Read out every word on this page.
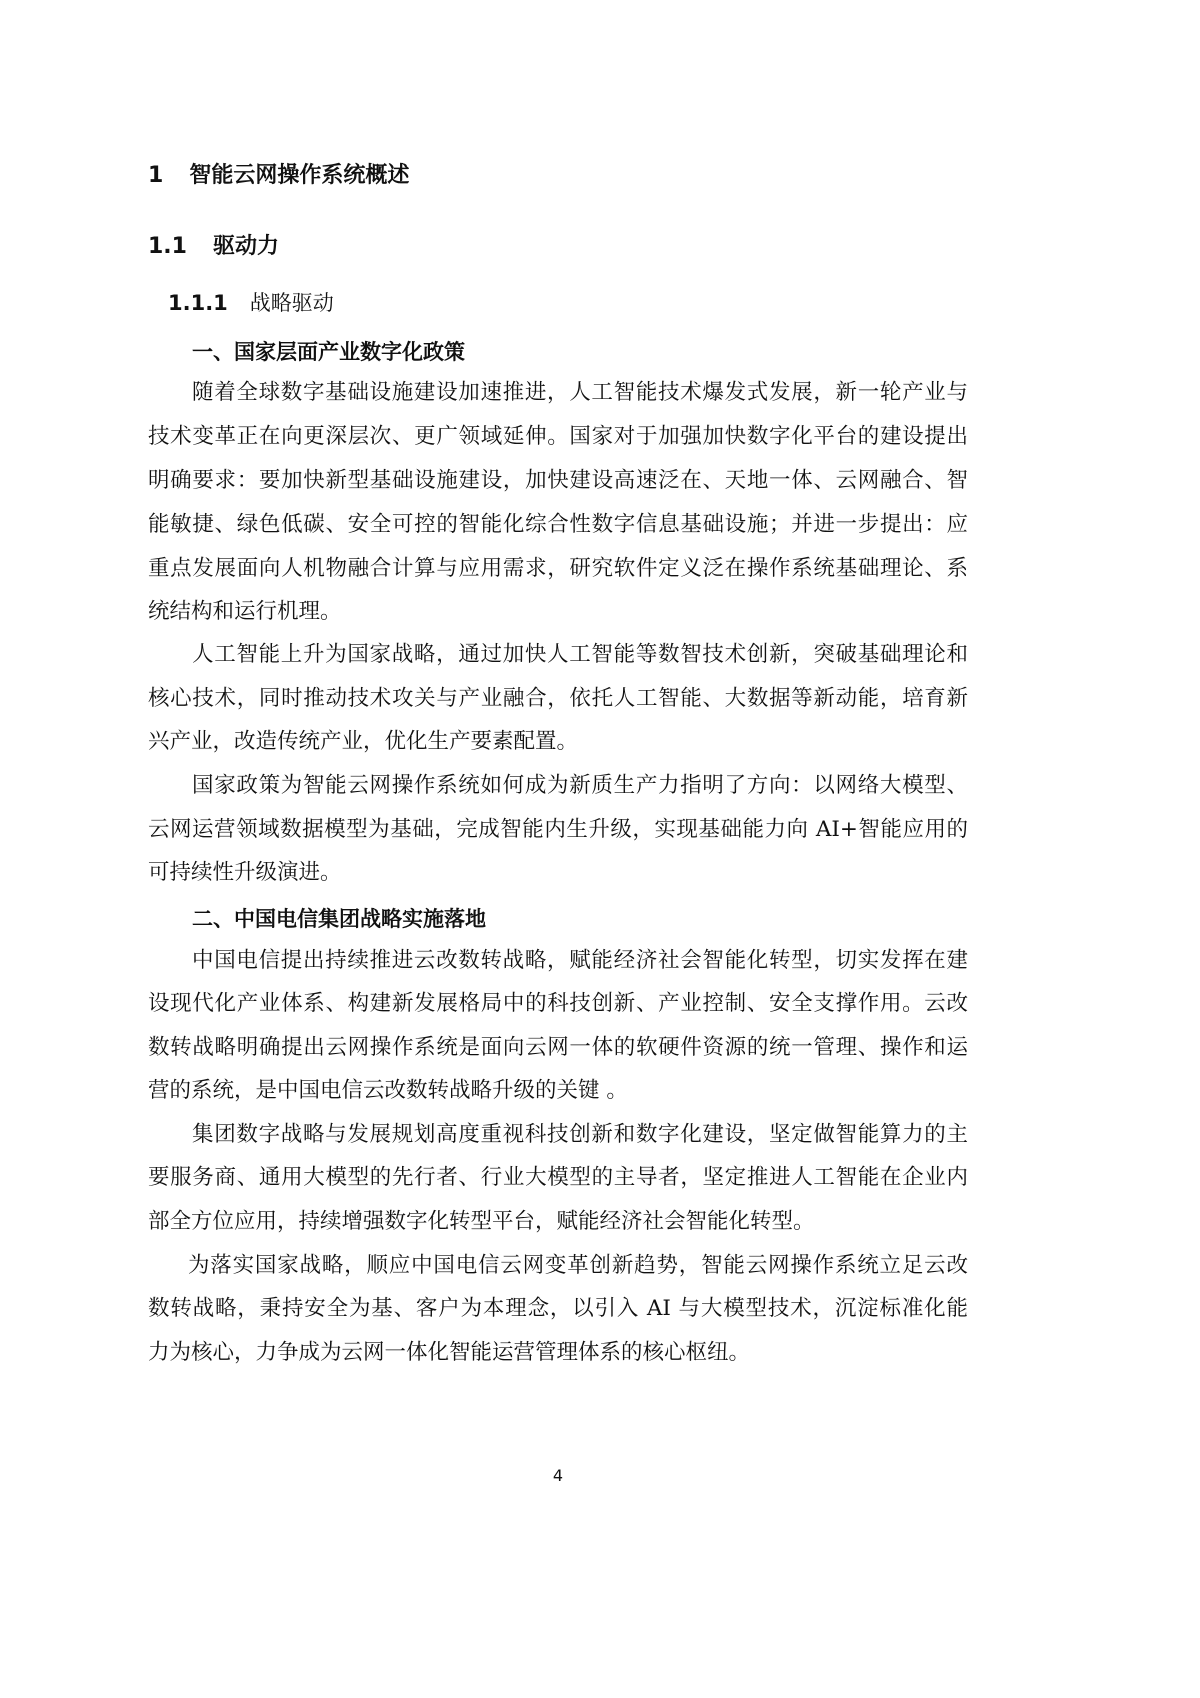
1 智能云网操作系统概述
1.1 驱动力
1.1.1 战略驱动
一、国家层面产业数字化政策
随着全球数字基础设施建设加速推进，人工智能技术爆发式发展，新一轮产业与
技术变革正在向更深层次、更广领域延伸。国家对于加强加快数字化平台的建设提出
明确要求：要加快新型基础设施建设，加快建设高速泛在、天地一体、云网融合、智
能敏捷、绿色低碳、安全可控的智能化综合性数字信息基础设施；并进一步提出：应
重点发展面向人机物融合计算与应用需求，研究软件定义泛在操作系统基础理论、系
统结构和运行机理。
人工智能上升为国家战略，通过加快人工智能等数智技术创新，突破基础理论和
核心技术，同时推动技术攻关与产业融合，依托人工智能、大数据等新动能，培育新
兴产业，改造传统产业，优化生产要素配置。
国家政策为智能云网操作系统如何成为新质生产力指明了方向：以网络大模型、
云网运营领域数据模型为基础，完成智能内生升级，实现基础能力向 AI+智能应用的
可持续性升级演进。
二、中国电信集团战略实施落地
中国电信提出持续推进云改数转战略，赋能经济社会智能化转型，切实发挥在建
设现代化产业体系、构建新发展格局中的科技创新、产业控制、安全支撑作用。云改
数转战略明确提出云网操作系统是面向云网一体的软硬件资源的统一管理、操作和运
营的系统，是中国电信云改数转战略升级的关键 。
集团数字战略与发展规划高度重视科技创新和数字化建设，坚定做智能算力的主
要服务商、通用大模型的先行者、行业大模型的主导者，坚定推进人工智能在企业内
部全方位应用，持续增强数字化转型平台，赋能经济社会智能化转型。
为落实国家战略，顺应中国电信云网变革创新趋势，智能云网操作系统立足云改
数转战略，秉持安全为基、客户为本理念，以引入 AI 与大模型技术，沉淀标准化能
力为核心，力争成为云网一体化智能运营管理体系的核心枢纽。
4
